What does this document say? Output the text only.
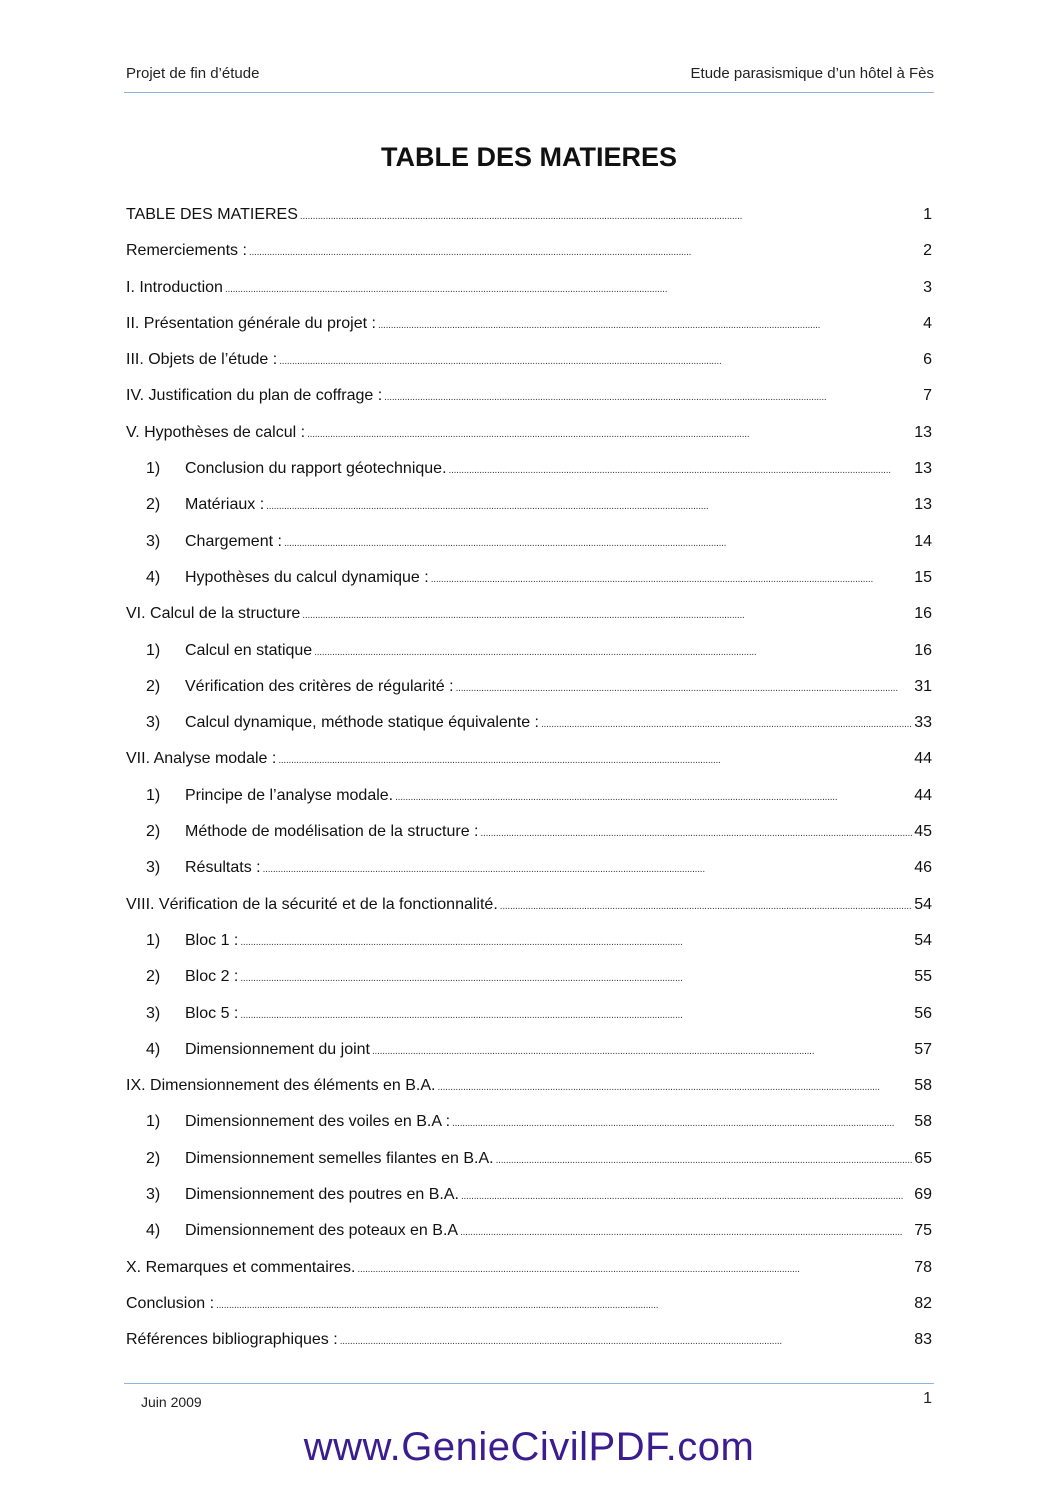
Projet de fin d’étude	Etude parasismique d’un hôtel à Fès
TABLE DES MATIERES
TABLE DES MATIERES . . .	1
Remerciements : . . .	2
I. Introduction . . .	3
II. Présentation générale du projet : . . .	4
III. Objets de l’étude : . . .	6
IV. Justification du plan de coffrage : . . .	7
V. Hypothèses de calcul : . . .	13
1)	Conclusion du rapport géotechnique. . . .	13
2)	Matériaux : . . .	13
3)	Chargement : . . .	14
4)	Hypothèses du calcul dynamique : . . .	15
VI. Calcul de la structure . . .	16
1)	Calcul en statique . . .	16
2)	Vérification des critères de régularité : . . .	31
3)	Calcul dynamique, méthode statique équivalente : . . .	33
VII. Analyse modale : . . .	44
1)	Principe de l’analyse modale. . . .	44
2)	Méthode de modélisation de la structure : . . .	45
3)	Résultats : . . .	46
VIII. Vérification de la sécurité et de la fonctionnalité. . . .	54
1)	Bloc 1 : . . .	54
2)	Bloc 2 : . . .	55
3)	Bloc 5 : . . .	56
4)	Dimensionnement du joint . . .	57
IX. Dimensionnement des éléments en B.A. . . .	58
1)	Dimensionnement des voiles en B.A : . . .	58
2)	Dimensionnement semelles filantes en B.A. . . .	65
3)	Dimensionnement des poutres en B.A. . . .	69
4)	Dimensionnement des poteaux en B.A . . .	75
X. Remarques et commentaires. . . .	78
Conclusion : . . .	82
Références bibliographiques : . . .	83
Juin 2009	1
www.GenieCivilPDF.com
